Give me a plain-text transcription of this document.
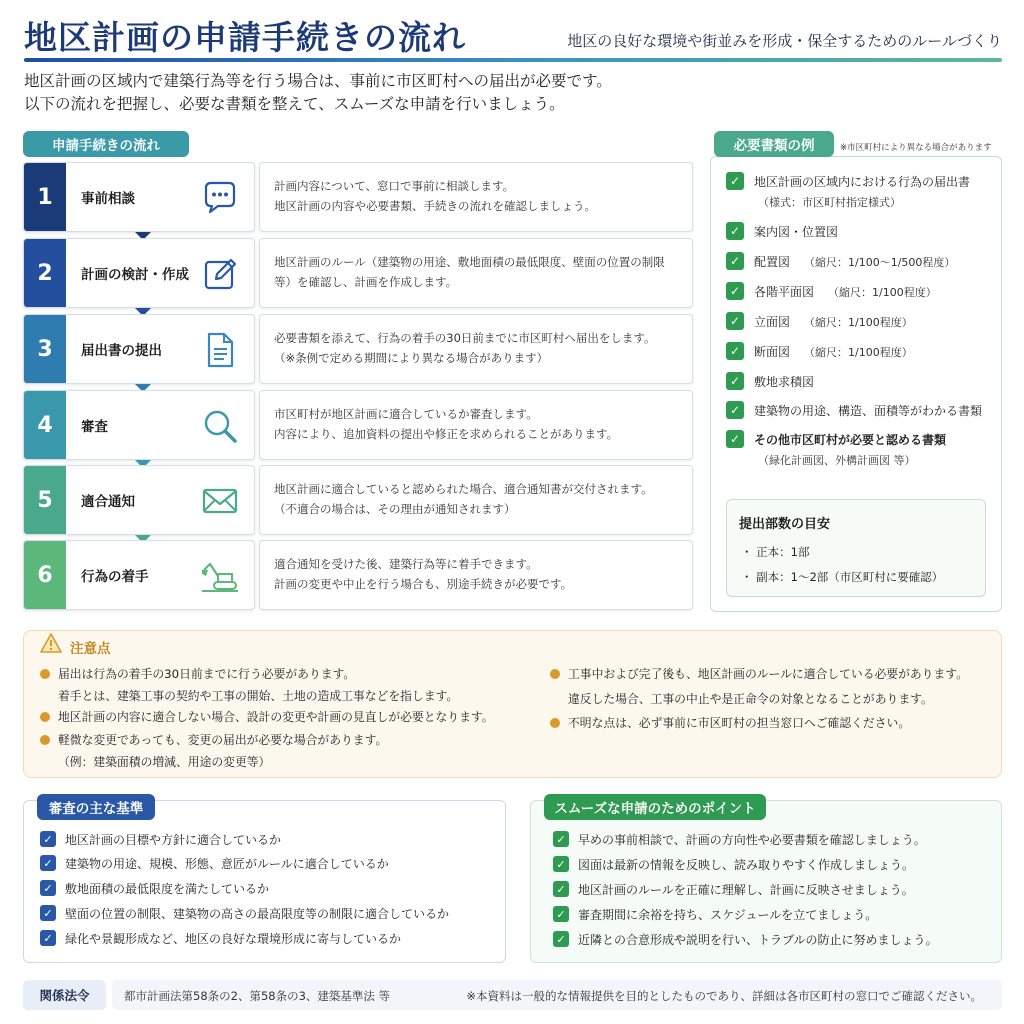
地区計画の申請手続きの流れ	地区の良好な環境や街並みを形成・保全するためのルールづくり
地区計画の区域内で建築行為等を行う場合は、事前に市区町村への届出が必要です。
以下の流れを把握し、必要な書類を整えて、スムーズな申請を行いましょう。
申請手続きの流れ
1	事前相談
計画内容について、窓口で事前に相談します。
地区計画の内容や必要書類、手続きの流れを確認しましょう。
2	計画の検討・作成
地区計画のルール（建築物の用途、敷地面積の最低限度、壁面の位置の制限
等）を確認し、計画を作成します。
3	届出書の提出
必要書類を添えて、行為の着手の30日前までに市区町村へ届出をします。
（※条例で定める期間により異なる場合があります）
4	審査
市区町村が地区計画に適合しているか審査します。
内容により、追加資料の提出や修正を求められることがあります。
5	適合通知
地区計画に適合していると認められた場合、適合通知書が交付されます。
（不適合の場合は、その理由が通知されます）
6	行為の着手
適合通知を受けた後、建築行為等に着手できます。
計画の変更や中止を行う場合も、別途手続きが必要です。
必要書類の例	※市区町村により異なる場合があります
✓	地区計画の区域内における行為の届出書
（様式：市区町村指定様式）
✓	案内図・位置図
✓	配置図 （縮尺：1/100〜1/500程度）
✓	各階平面図 （縮尺：1/100程度）
✓	立面図 （縮尺：1/100程度）
✓	断面図 （縮尺：1/100程度）
✓	敷地求積図
✓	建築物の用途、構造、面積等がわかる書類
✓	その他市区町村が必要と認める書類
（緑化計画図、外構計画図 等）
提出部数の目安
・ 正本：1部
・ 副本：1〜2部（市区町村に要確認）
注意点
届出は行為の着手の30日前までに行う必要があります。
着手とは、建築工事の契約や工事の開始、土地の造成工事などを指します。
地区計画の内容に適合しない場合、設計の変更や計画の見直しが必要となります。
軽微な変更であっても、変更の届出が必要な場合があります。
（例：建築面積の増減、用途の変更等）
工事中および完了後も、地区計画のルールに適合している必要があります。
違反した場合、工事の中止や是正命令の対象となることがあります。
不明な点は、必ず事前に市区町村の担当窓口へご確認ください。
審査の主な基準
✓ 地区計画の目標や方針に適合しているか
✓ 建築物の用途、規模、形態、意匠がルールに適合しているか
✓ 敷地面積の最低限度を満たしているか
✓ 壁面の位置の制限、建築物の高さの最高限度等の制限に適合しているか
✓ 緑化や景観形成など、地区の良好な環境形成に寄与しているか
スムーズな申請のためのポイント
✓ 早めの事前相談で、計画の方向性や必要書類を確認しましょう。
✓ 図面は最新の情報を反映し、読み取りやすく作成しましょう。
✓ 地区計画のルールを正確に理解し、計画に反映させましょう。
✓ 審査期間に余裕を持ち、スケジュールを立てましょう。
✓ 近隣との合意形成や説明を行い、トラブルの防止に努めましょう。
関係法令	都市計画法第58条の2、第58条の3、建築基準法 等	※本資料は一般的な情報提供を目的としたものであり、詳細は各市区町村の窓口でご確認ください。
